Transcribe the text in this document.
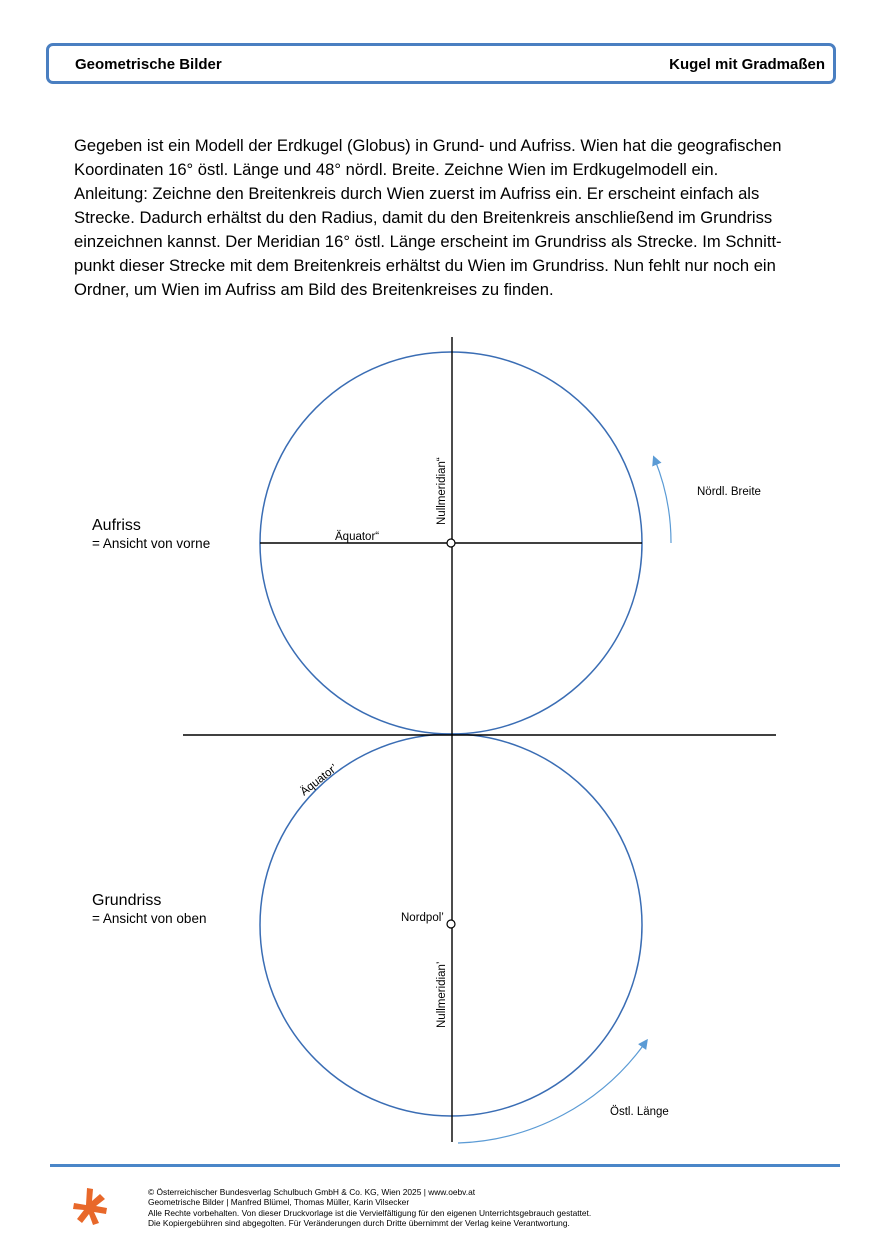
Geometrische Bilder	Kugel mit Gradmaßen

Gegeben ist ein Modell der Erdkugel (Globus) in Grund- und Aufriss. Wien hat die geografischen
Koordinaten 16° östl. Länge und 48° nördl. Breite. Zeichne Wien im Erdkugelmodell ein.
Anleitung: Zeichne den Breitenkreis durch Wien zuerst im Aufriss ein. Er erscheint einfach als
Strecke. Dadurch erhältst du den Radius, damit du den Breitenkreis anschließend im Grundriss
einzeichnen kannst. Der Meridian 16° östl. Länge erscheint im Grundriss als Strecke. Im Schnitt-
punkt dieser Strecke mit dem Breitenkreis erhältst du Wien im Grundriss. Nun fehlt nur noch ein
Ordner, um Wien im Aufriss am Bild des Breitenkreises zu finden.

Äquator“
Nullmeridian“	Nördl. Breite
Äquator’
Nordpol’
Nullmeridian’
Östl. Länge
Aufriss
= Ansicht von vorne
Grundriss
= Ansicht von oben
© Österreichischer Bundesverlag Schulbuch GmbH & Co. KG, Wien 2025 | www.oebv.at
Geometrische Bilder | Manfred Blümel, Thomas Müller, Karin Vilsecker
Alle Rechte vorbehalten. Von dieser Druckvorlage ist die Vervielfältigung für den eigenen Unterrichtsgebrauch gestattet.
Die Kopiergebühren sind abgegolten. Für Veränderungen durch Dritte übernimmt der Verlag keine Verantwortung.
